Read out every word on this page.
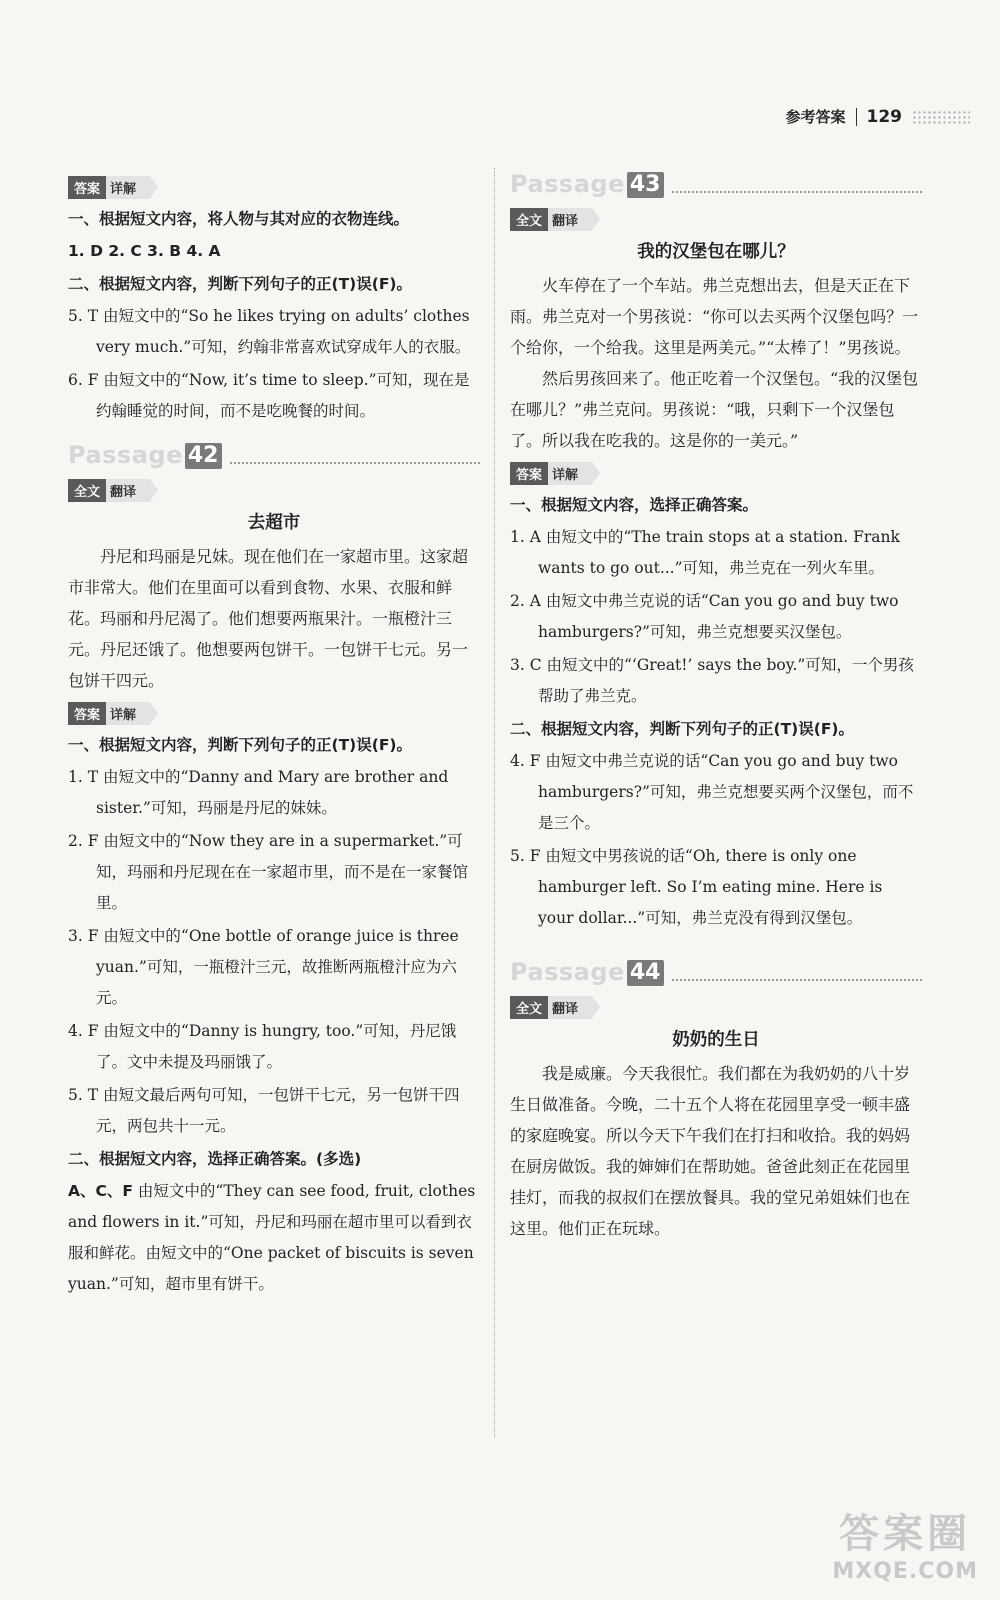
参考答案 129
答案 详解
一、根据短文内容，将人物与其对应的衣物连线。
1. D 2. C 3. B 4. A
二、根据短文内容，判断下列句子的正(T)误(F)。
5. T 由短文中的“So he likes trying on adults’ clothes very much.”可知，约翰非常喜欢试穿成年人的衣服。
6. F 由短文中的“Now, it’s time to sleep.”可知，现在是约翰睡觉的时间，而不是吃晚餐的时间。
Passage 42
全文 翻译
去超市
丹尼和玛丽是兄妹。现在他们在一家超市里。这家超市非常大。他们在里面可以看到食物、水果、衣服和鲜花。玛丽和丹尼渴了。他们想要两瓶果汁。一瓶橙汁三元。丹尼还饿了。他想要两包饼干。一包饼干七元。另一包饼干四元。
答案 详解
一、根据短文内容，判断下列句子的正(T)误(F)。
1. T 由短文中的“Danny and Mary are brother and sister.”可知，玛丽是丹尼的妹妹。
2. F 由短文中的“Now they are in a supermarket.”可知，玛丽和丹尼现在在一家超市里，而不是在一家餐馆里。
3. F 由短文中的“One bottle of orange juice is three yuan.”可知，一瓶橙汁三元，故推断两瓶橙汁应为六元。
4. F 由短文中的“Danny is hungry, too.”可知，丹尼饿了。文中未提及玛丽饿了。
5. T 由短文最后两句可知，一包饼干七元，另一包饼干四元，两包共十一元。
二、根据短文内容，选择正确答案。(多选)
A、C、F 由短文中的“They can see food, fruit, clothes and flowers in it.”可知，丹尼和玛丽在超市里可以看到衣服和鲜花。由短文中的“One packet of biscuits is seven yuan.”可知，超市里有饼干。
Passage 43
全文 翻译
我的汉堡包在哪儿？
火车停在了一个车站。弗兰克想出去，但是天正在下雨。弗兰克对一个男孩说：“你可以去买两个汉堡包吗？一个给你，一个给我。这里是两美元。”“太棒了！”男孩说。
然后男孩回来了。他正吃着一个汉堡包。“我的汉堡包在哪儿？”弗兰克问。男孩说：“哦，只剩下一个汉堡包了。所以我在吃我的。这是你的一美元。”
答案 详解
一、根据短文内容，选择正确答案。
1. A 由短文中的“The train stops at a station. Frank wants to go out...”可知，弗兰克在一列火车里。
2. A 由短文中弗兰克说的话“Can you go and buy two hamburgers?”可知，弗兰克想要买汉堡包。
3. C 由短文中的“‘Great!’ says the boy.”可知，一个男孩帮助了弗兰克。
二、根据短文内容，判断下列句子的正(T)误(F)。
4. F 由短文中弗兰克说的话“Can you go and buy two hamburgers?”可知，弗兰克想要买两个汉堡包，而不是三个。
5. F 由短文中男孩说的话“Oh, there is only one hamburger left. So I’m eating mine. Here is your dollar...”可知，弗兰克没有得到汉堡包。
Passage 44
全文 翻译
奶奶的生日
我是威廉。今天我很忙。我们都在为我奶奶的八十岁生日做准备。今晚，二十五个人将在花园里享受一顿丰盛的家庭晚宴。所以今天下午我们在打扫和收拾。我的妈妈在厨房做饭。我的婶婶们在帮助她。爸爸此刻正在花园里挂灯，而我的叔叔们在摆放餐具。我的堂兄弟姐妹们也在这里。他们正在玩球。
答案圈
MXQE.COM
